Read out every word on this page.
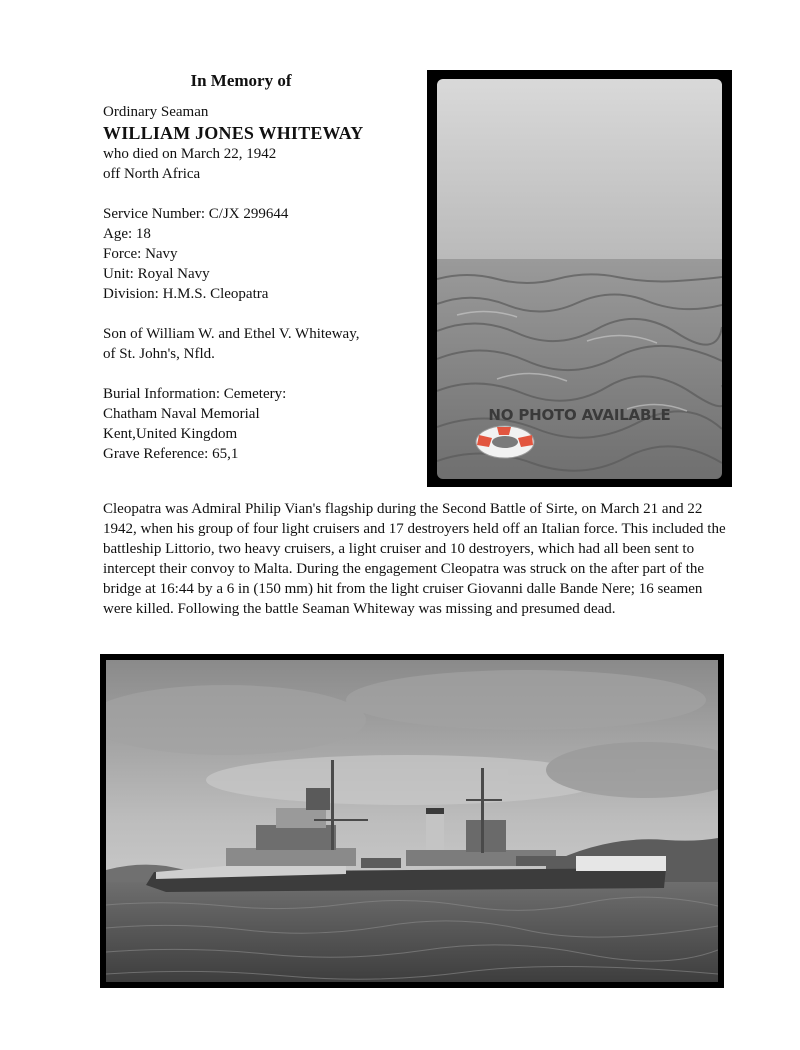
In Memory of

Ordinary Seaman

WILLIAM JONES WHITEWAY

who died on March 22, 1942

off North Africa

Service Number: C/JX 299644

Age: 18

Force: Navy

Unit: Royal Navy

Division: H.M.S. Cleopatra

Son of William W. and Ethel V. Whiteway,

of St. John's, Nfld.

Burial Information: Cemetery:

Chatham Naval Memorial

Kent,United Kingdom

Grave Reference: 65,1

NO PHOTO AVAILABLE

Cleopatra was Admiral Philip Vian's flagship during the Second Battle of Sirte, on March 21 and 22 1942, when his group of four light cruisers and 17 destroyers held off an Italian force. This included the battleship Littorio, two heavy cruisers, a light cruiser and 10 destroyers, which had all been sent to intercept their convoy to Malta. During the engagement Cleopatra was struck on the after part of the bridge at 16:44 by a 6 in (150 mm) hit from the light cruiser Giovanni dalle Bande Nere; 16 seamen were killed. Following the battle Seaman Whiteway was missing and presumed dead.
